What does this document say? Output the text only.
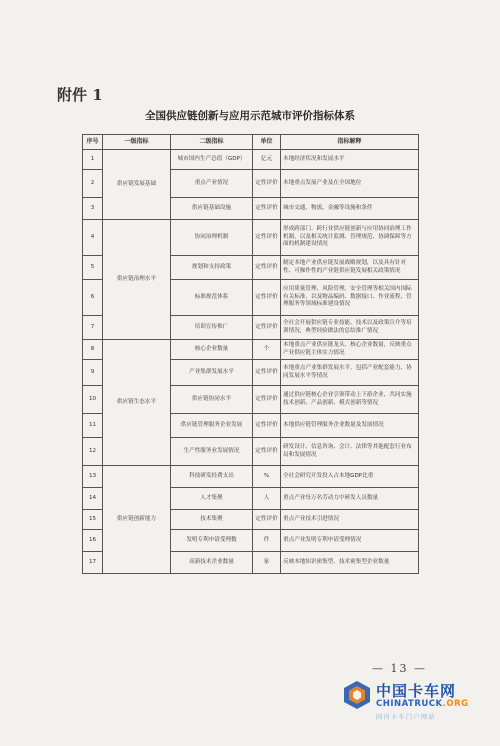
附件 1
全国供应链创新与应用示范城市评价指标体系
序号	一级指标	二级指标	单位	指标解释
1	供应链发展基础	城市国内生产总值（GDP）	亿元	本地经济状况和发展水平
2		重点产业情况	定性评价	本地重点发展产业及在全国地位
3		供应链基础设施	定性评价	城市交通、物流、金融等设施和条件
4	供应链治理水平	协同治理机制	定性评价	形成跨部门、跨行业供应链创新与应用协同治理工作机制，以及相关统计监测、管理规范、协调保障等方面的机制建设情况
5		规划和支持政策	定性评价	制定本地产业供应链发展战略规划，以及具有针对性、可操作性的产业链供应链发展相关政策情况
6		标准规范体系	定性评价	应用质量管理、风险管理、安全管理等相关国内国际有关标准，以及物品编码、数据接口、作业流程、管理服务等领域标准建设情况
7		培训宣传推广	定性评价	全社会开展供应链专业技能、技术以及政策宣介等培训情况，典型经验做法的总结推广情况
8	供应链生态水平	核心企业数量	个	本地重点产业供应链龙头、核心企业数量，反映重点产业供应链主体实力情况
9		产业集群发展水平	定性评价	本地重点产业集群发展水平，包括产业配套能力、协同发展水平等情况
10		供应链协同水平	定性评价	通过供应链核心企业引领带动上下游企业，共同实施技术创新、产品创新、模式创新等情况
11		供应链管理服务企业发展	定性评价	本地供应链管理服务企业数量及发展情况
12		生产性服务业发展情况	定性评价	研发设计、信息咨询、会计、法律等其他配套行业布局和发展情况
13	供应链创新能力	科技研发经费支出	%	全社会研究开发投入占本地GDP比重
14		人才集聚	人	重点产业每万名劳动力中研发人员数量
15		技术集聚	定性评价	重点产业技术引进情况
16		发明专利申请受理数	件	重点产业发明专利申请受理情况
17		高新技术企业数量	家	反映本地知识密集型、技术密集型企业数量
— 13 —
中国卡车网
CHINATRUCK.ORG
国内卡车门户网站
